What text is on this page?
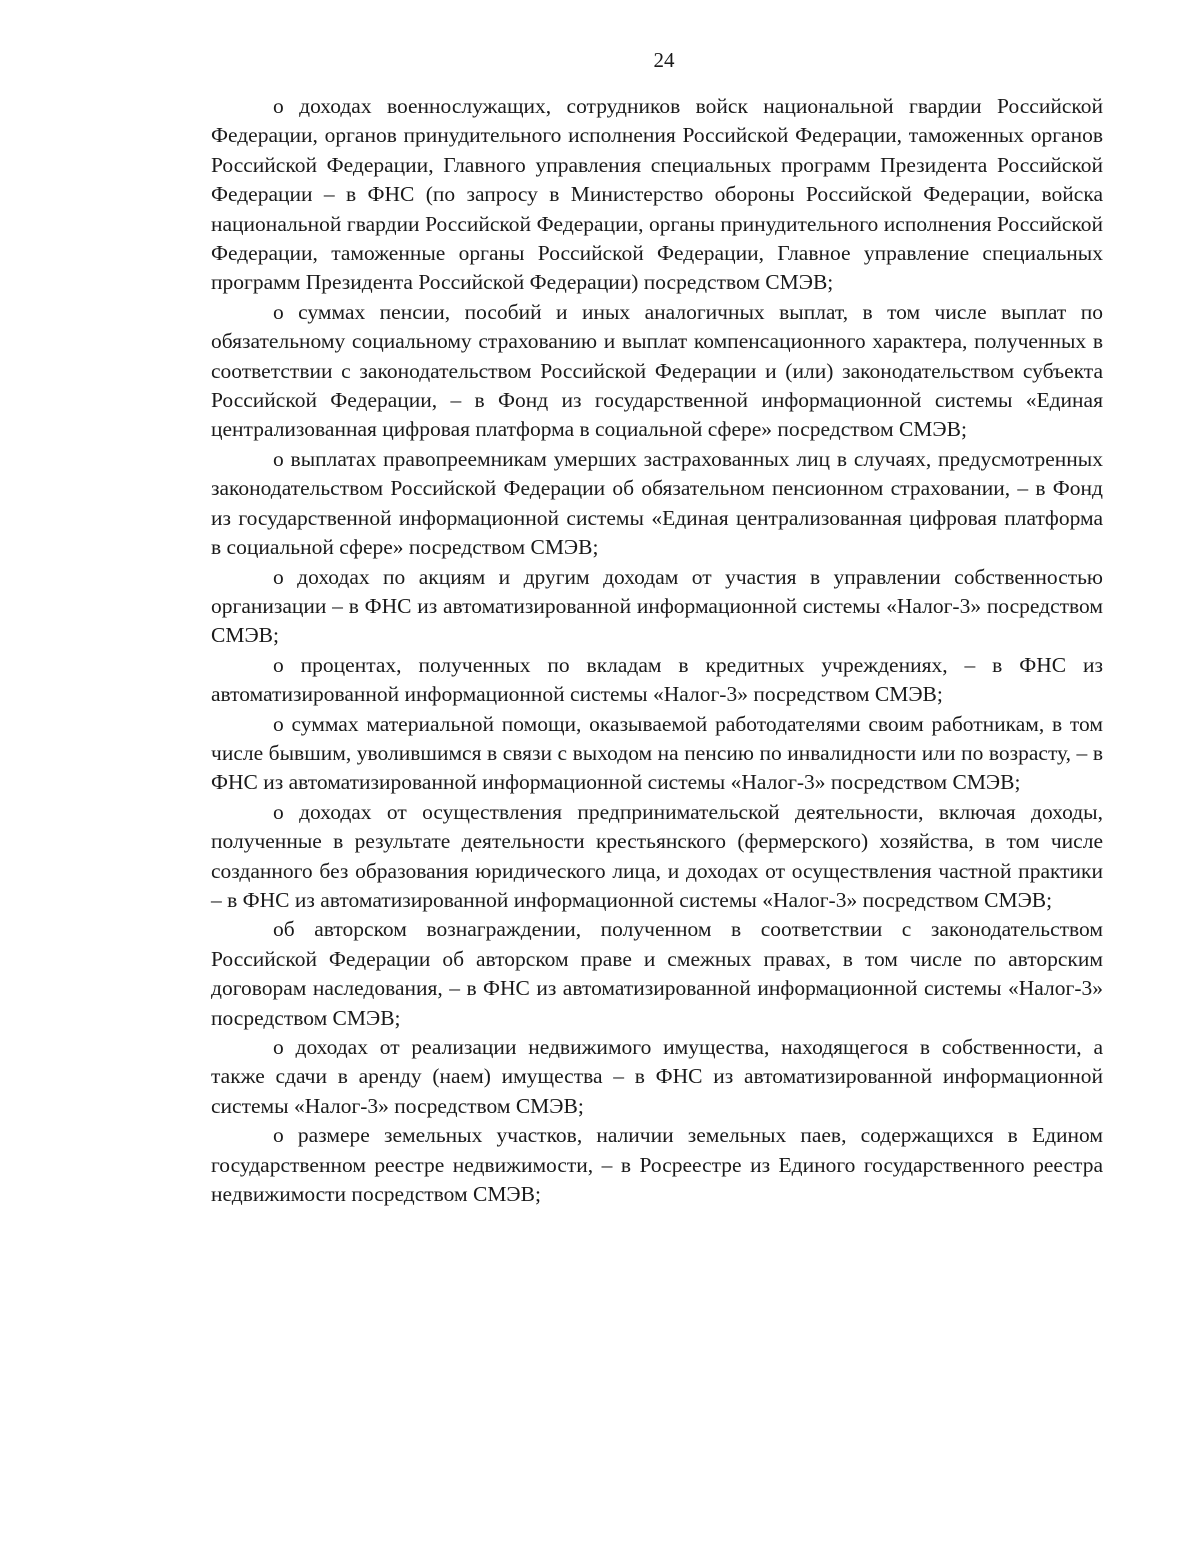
24

о доходах военнослужащих, сотрудников войск национальной гвардии Российской Федерации, органов принудительного исполнения Российской Федерации, таможенных органов Российской Федерации, Главного управления специальных программ Президента Российской Федерации – в ФНС (по запросу в Министерство обороны Российской Федерации, войска национальной гвардии Российской Федерации, органы принудительного исполнения Российской Федерации, таможенные органы Российской Федерации, Главное управление специальных программ Президента Российской Федерации) посредством СМЭВ;

о суммах пенсии, пособий и иных аналогичных выплат, в том числе выплат по обязательному социальному страхованию и выплат компенсационного характера, полученных в соответствии с законодательством Российской Федерации и (или) законодательством субъекта Российской Федерации, – в Фонд из государственной информационной системы «Единая централизованная цифровая платформа в социальной сфере» посредством СМЭВ;

о выплатах правопреемникам умерших застрахованных лиц в случаях, предусмотренных законодательством Российской Федерации об обязательном пенсионном страховании, – в Фонд из государственной информационной системы «Единая централизованная цифровая платформа в социальной сфере» посредством СМЭВ;

о доходах по акциям и другим доходам от участия в управлении собственностью организации – в ФНС из автоматизированной информационной системы «Налог-3» посредством СМЭВ;

о процентах, полученных по вкладам в кредитных учреждениях, – в ФНС из автоматизированной информационной системы «Налог-3» посредством СМЭВ;

о суммах материальной помощи, оказываемой работодателями своим работникам, в том числе бывшим, уволившимся в связи с выходом на пенсию по инвалидности или по возрасту, – в ФНС из автоматизированной информационной системы «Налог-3» посредством СМЭВ;

о доходах от осуществления предпринимательской деятельности, включая доходы, полученные в результате деятельности крестьянского (фермерского) хозяйства, в том числе созданного без образования юридического лица, и доходах от осуществления частной практики – в ФНС из автоматизированной информационной системы «Налог-3» посредством СМЭВ;

об авторском вознаграждении, полученном в соответствии с законодательством Российской Федерации об авторском праве и смежных правах, в том числе по авторским договорам наследования, – в ФНС из автоматизированной информационной системы «Налог-3» посредством СМЭВ;

о доходах от реализации недвижимого имущества, находящегося в собственности, а также сдачи в аренду (наем) имущества – в ФНС из автоматизированной информационной системы «Налог-3» посредством СМЭВ;

о размере земельных участков, наличии земельных паев, содержащихся в Едином государственном реестре недвижимости, – в Росреестре из Единого государственного реестра недвижимости посредством СМЭВ;
